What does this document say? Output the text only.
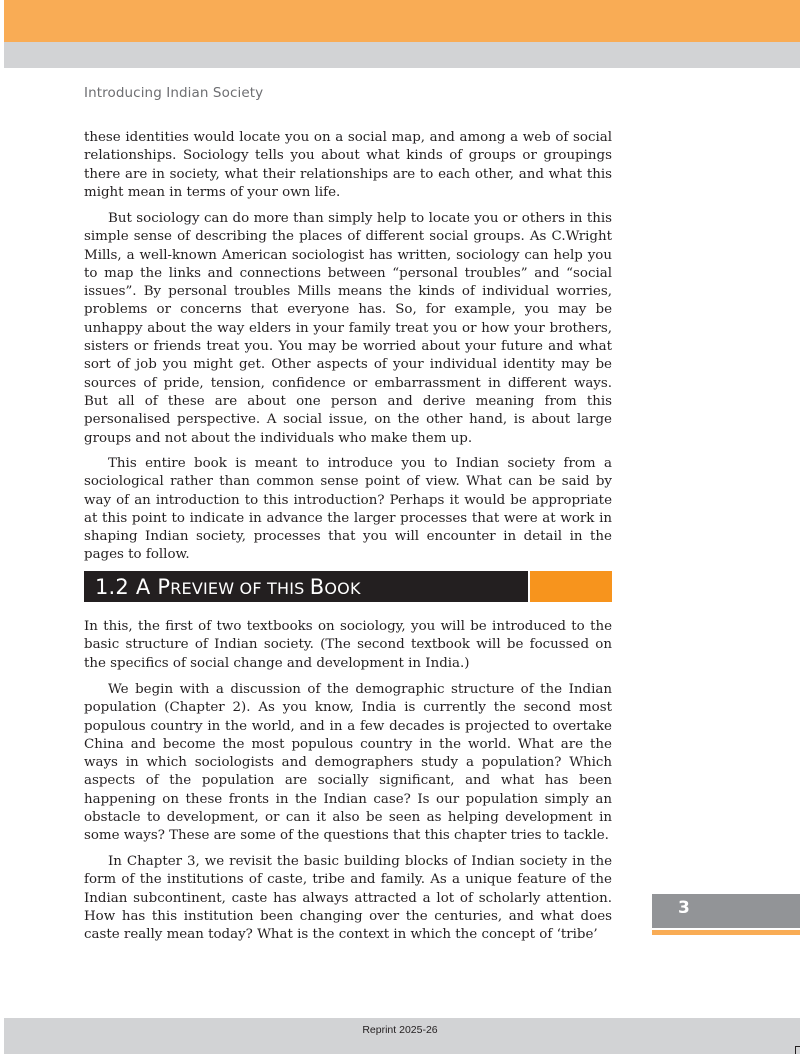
Introducing Indian Society

these identities would locate you on a social map, and among a web of social relationships. Sociology tells you about what kinds of groups or groupings there are in society, what their relationships are to each other, and what this might mean in terms of your own life.

But sociology can do more than simply help to locate you or others in this simple sense of describing the places of different social groups. As C.Wright Mills, a well-known American sociologist has written, sociology can help you to map the links and connections between “personal troubles” and “social issues”. By personal troubles Mills means the kinds of individual worries, problems or concerns that everyone has. So, for example, you may be unhappy about the way elders in your family treat you or how your brothers, sisters or friends treat you. You may be worried about your future and what sort of job you might get. Other aspects of your individual identity may be sources of pride, tension, confidence or embarrassment in different ways. But all of these are about one person and derive meaning from this personalised perspective. A social issue, on the other hand, is about large groups and not about the individuals who make them up.

This entire book is meant to introduce you to Indian society from a sociological rather than common sense point of view. What can be said by way of an introduction to this introduction? Perhaps it would be appropriate at this point to indicate in advance the larger processes that were at work in shaping Indian society, processes that you will encounter in detail in the pages to follow.

1.2 A PREVIEW OF THIS BOOK

In this, the first of two textbooks on sociology, you will be introduced to the basic structure of Indian society. (The second textbook will be focussed on the specifics of social change and development in India.)

We begin with a discussion of the demographic structure of the Indian population (Chapter 2). As you know, India is currently the second most populous country in the world, and in a few decades is projected to overtake China and become the most populous country in the world. What are the ways in which sociologists and demographers study a population? Which aspects of the population are socially significant, and what has been happening on these fronts in the Indian case? Is our population simply an obstacle to development, or can it also be seen as helping development in some ways? These are some of the questions that this chapter tries to tackle.

In Chapter 3, we revisit the basic building blocks of Indian society in the form of the institutions of caste, tribe and family. As a unique feature of the Indian subcontinent, caste has always attracted a lot of scholarly attention. How has this institution been changing over the centuries, and what does caste really mean today? What is the context in which the concept of ‘tribe’

3
Reprint 2025-26
